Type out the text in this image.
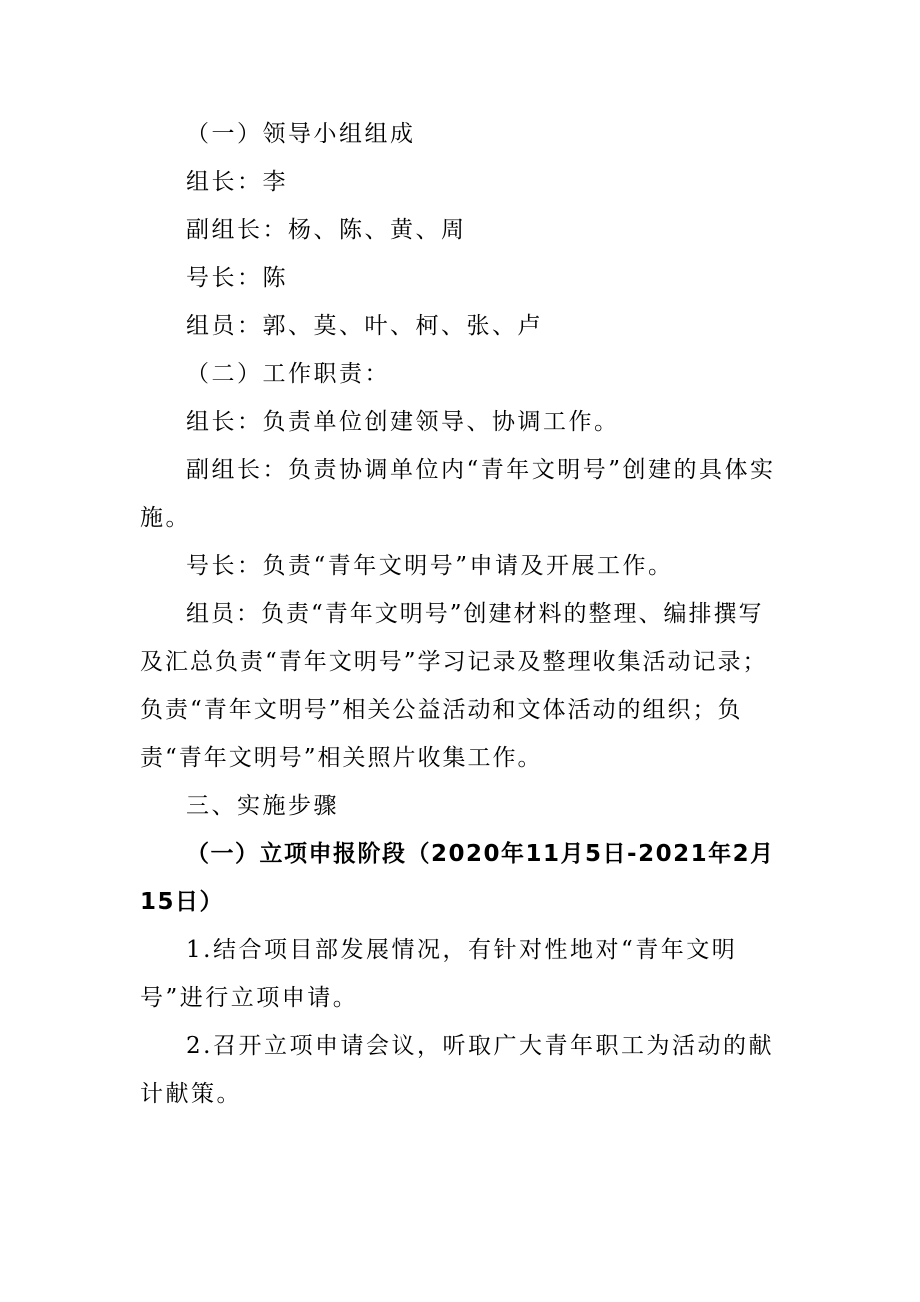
（一）领导小组组成

组长：李

副组长：杨、陈、黄、周

号长：陈

组员：郭、莫、叶、柯、张、卢

（二）工作职责：

组长：负责单位创建领导、协调工作。

副组长：负责协调单位内“青年文明号”创建的具体实施。

号长：负责“青年文明号”申请及开展工作。

组员：负责“青年文明号”创建材料的整理、编排撰写及汇总负责“青年文明号”学习记录及整理收集活动记录；负责“青年文明号”相关公益活动和文体活动的组织；负责“青年文明号”相关照片收集工作。

三、实施步骤

（一）立项申报阶段（2020年11月5日-2021年2月15日）

1.结合项目部发展情况，有针对性地对“青年文明号”进行立项申请。

2.召开立项申请会议，听取广大青年职工为活动的献计献策。
